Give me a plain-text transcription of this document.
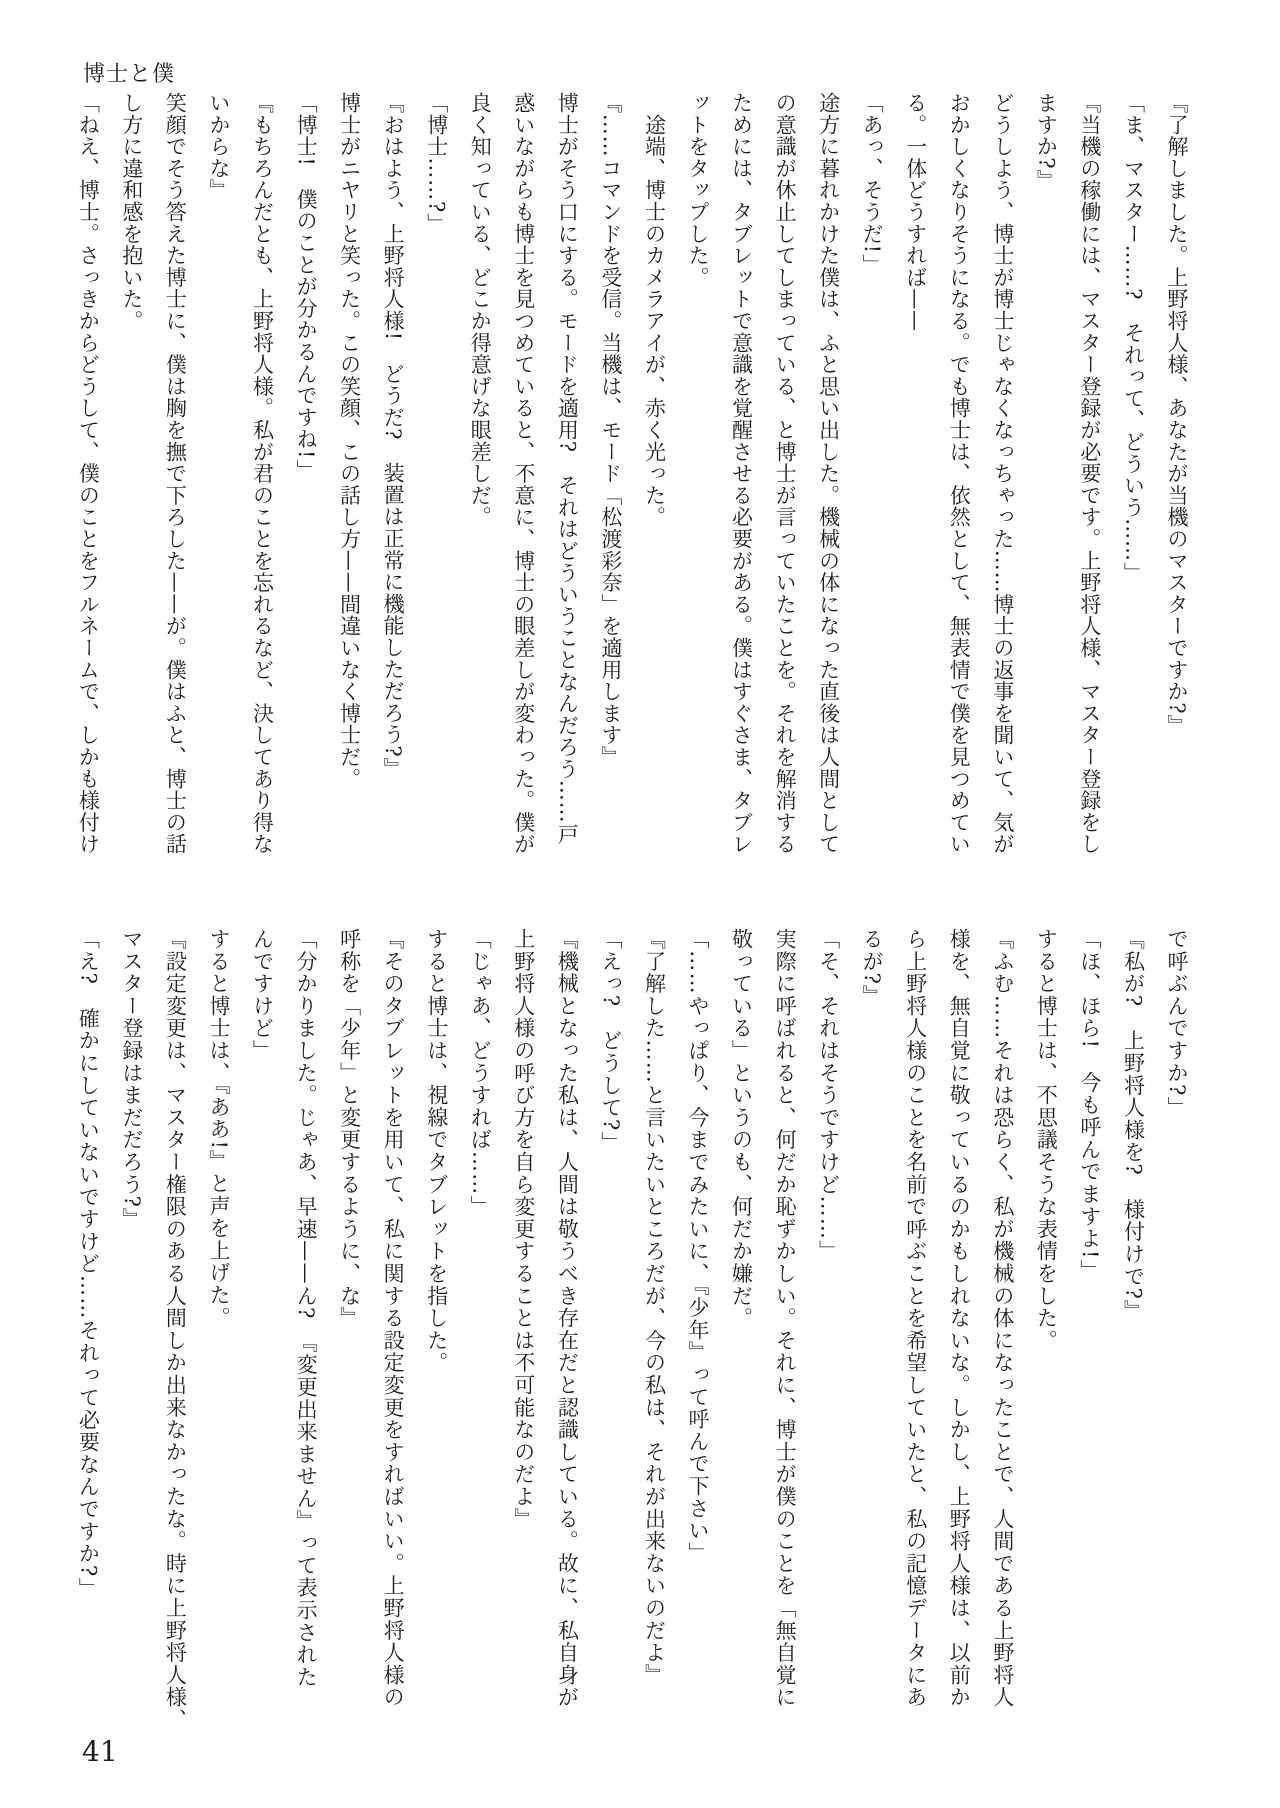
博士と僕

『了解しました。上野将人様、あなたが当機のマスターですか?』

「ま、マスター……?　それって、どういう……」

『当機の稼働には、マスター登録が必要です。上野将人様、マスター登録をし

ますか?』

どうしよう、博士が博士じゃなくなっちゃった……博士の返事を聞いて、気が

おかしくなりそうになる。でも博士は、依然として、無表情で僕を見つめてい

る。一体どうすれば——

「あっ、そうだ!」

途方に暮れかけた僕は、ふと思い出した。機械の体になった直後は人間として

の意識が休止してしまっている、と博士が言っていたことを。それを解消する

ためには、タブレットで意識を覚醒させる必要がある。僕はすぐさま、タブレ

ットをタップした。

　途端、博士のカメラアイが、赤く光った。

『……コマンドを受信。当機は、モード「松渡彩奈」を適用します』

博士がそう口にする。モードを適用?　それはどういうことなんだろう……戸

惑いながらも博士を見つめていると、不意に、博士の眼差しが変わった。僕が

良く知っている、どこか得意げな眼差しだ。

「博士……?」

『おはよう、上野将人様!　どうだ?　装置は正常に機能しただろう?』

博士がニヤリと笑った。この笑顔、この話し方——間違いなく博士だ。

「博士!　僕のことが分かるんですね!」

『もちろんだとも、上野将人様。私が君のことを忘れるなど、決してあり得な

いからな』

笑顔でそう答えた博士に、僕は胸を撫で下ろした——が。僕はふと、博士の話

し方に違和感を抱いた。

「ねえ、博士。さっきからどうして、僕のことをフルネームで、しかも様付け

で呼ぶんですか?」

『私が?　上野将人様を?　様付けで?』

「ほ、ほら!　今も呼んでますよ!」

すると博士は、不思議そうな表情をした。

『ふむ……それは恐らく、私が機械の体になったことで、人間である上野将人

様を、無自覚に敬っているのかもしれないな。しかし、上野将人様は、以前か

ら上野将人様のことを名前で呼ぶことを希望していたと、私の記憶データにあ

るが?』

「そ、それはそうですけど……」

実際に呼ばれると、何だか恥ずかしい。それに、博士が僕のことを「無自覚に

敬っている」というのも、何だか嫌だ。

「……やっぱり、今までみたいに、『少年』って呼んで下さい」

『了解した……と言いたいところだが、今の私は、それが出来ないのだよ』

「えっ?　どうして?」

『機械となった私は、人間は敬うべき存在だと認識している。故に、私自身が

上野将人様の呼び方を自ら変更することは不可能なのだよ』

「じゃあ、どうすれば……」

すると博士は、視線でタブレットを指した。

『そのタブレットを用いて、私に関する設定変更をすればいい。上野将人様の

呼称を「少年」と変更するように、な』

「分かりました。じゃあ、早速——ん?　『変更出来ません』って表示された

んですけど」

すると博士は、『ああ!』と声を上げた。

『設定変更は、マスター権限のある人間しか出来なかったな。時に上野将人様、

マスター登録はまだだろう?』

「え?　確かにしていないですけど……それって必要なんですか?」

41
